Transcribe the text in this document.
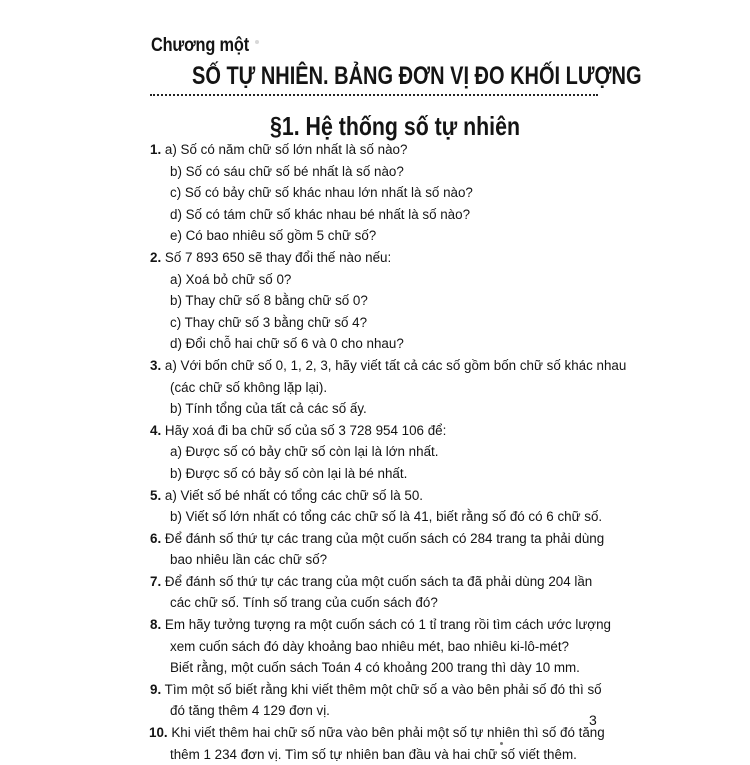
Chương một
SỐ TỰ NHIÊN. BẢNG ĐƠN VỊ ĐO KHỐI LƯỢNG
§1. Hệ thống số tự nhiên
1. a) Số có năm chữ số lớn nhất là số nào?
b) Số có sáu chữ số bé nhất là số nào?
c) Số có bảy chữ số khác nhau lớn nhất là số nào?
d) Số có tám chữ số khác nhau bé nhất là số nào?
e) Có bao nhiêu số gồm 5 chữ số?
2. Số 7 893 650 sẽ thay đổi thế nào nếu:
a) Xoá bỏ chữ số 0?
b) Thay chữ số 8 bằng chữ số 0?
c) Thay chữ số 3 bằng chữ số 4?
d) Đổi chỗ hai chữ số 6 và 0 cho nhau?
3. a) Với bốn chữ số 0, 1, 2, 3, hãy viết tất cả các số gồm bốn chữ số khác nhau
(các chữ số không lặp lại).
b) Tính tổng của tất cả các số ấy.
4. Hãy xoá đi ba chữ số của số 3 728 954 106 để:
a) Được số có bảy chữ số còn lại là lớn nhất.
b) Được số có bảy số còn lại là bé nhất.
5. a) Viết số bé nhất có tổng các chữ số là 50.
b) Viết số lớn nhất có tổng các chữ số là 41, biết rằng số đó có 6 chữ số.
6. Để đánh số thứ tự các trang của một cuốn sách có 284 trang ta phải dùng
bao nhiêu lần các chữ số?
7. Để đánh số thứ tự các trang của một cuốn sách ta đã phải dùng 204 lần
các chữ số. Tính số trang của cuốn sách đó?
8. Em hãy tưởng tượng ra một cuốn sách có 1 tỉ trang rồi tìm cách ước lượng
xem cuốn sách đó dày khoảng bao nhiêu mét, bao nhiêu ki-lô-mét?
Biết rằng, một cuốn sách Toán 4 có khoảng 200 trang thì dày 10 mm.
9. Tìm một số biết rằng khi viết thêm một chữ số a vào bên phải số đó thì số
đó tăng thêm 4 129 đơn vị.
10. Khi viết thêm hai chữ số nữa vào bên phải một số tự nhiên thì số đó tăng
thêm 1 234 đơn vị. Tìm số tự nhiên ban đầu và hai chữ số viết thêm.
3
